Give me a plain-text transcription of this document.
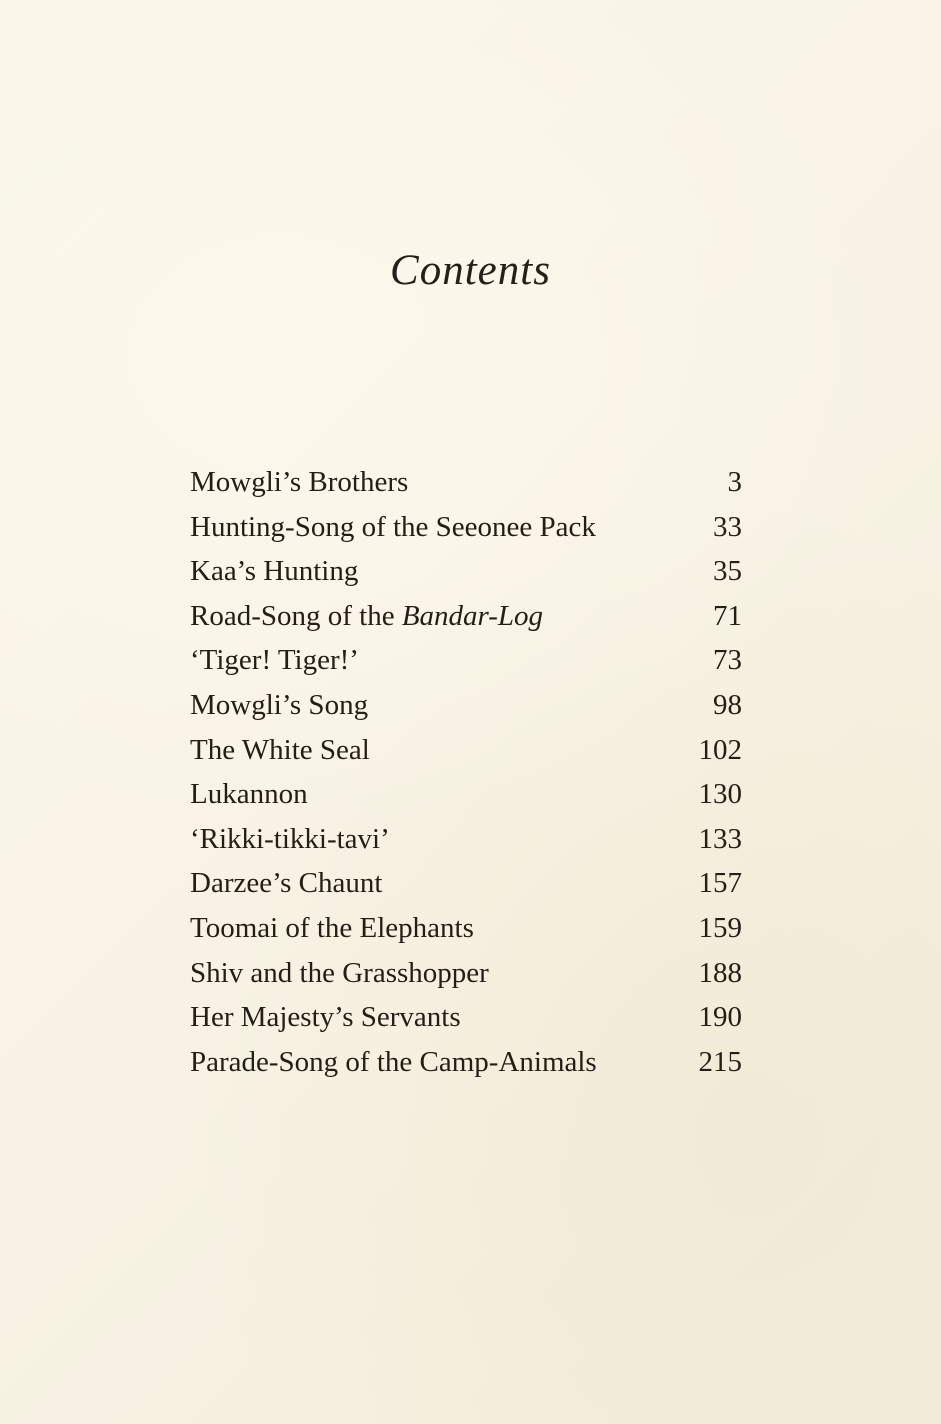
Contents
Mowgli’s Brothers	3
Hunting-Song of the Seeonee Pack	33
Kaa’s Hunting	35
Road-Song of the Bandar-Log	71
‘Tiger! Tiger!’	73
Mowgli’s Song	98
The White Seal	102
Lukannon	130
‘Rikki-tikki-tavi’	133
Darzee’s Chaunt	157
Toomai of the Elephants	159
Shiv and the Grasshopper	188
Her Majesty’s Servants	190
Parade-Song of the Camp-Animals	215
